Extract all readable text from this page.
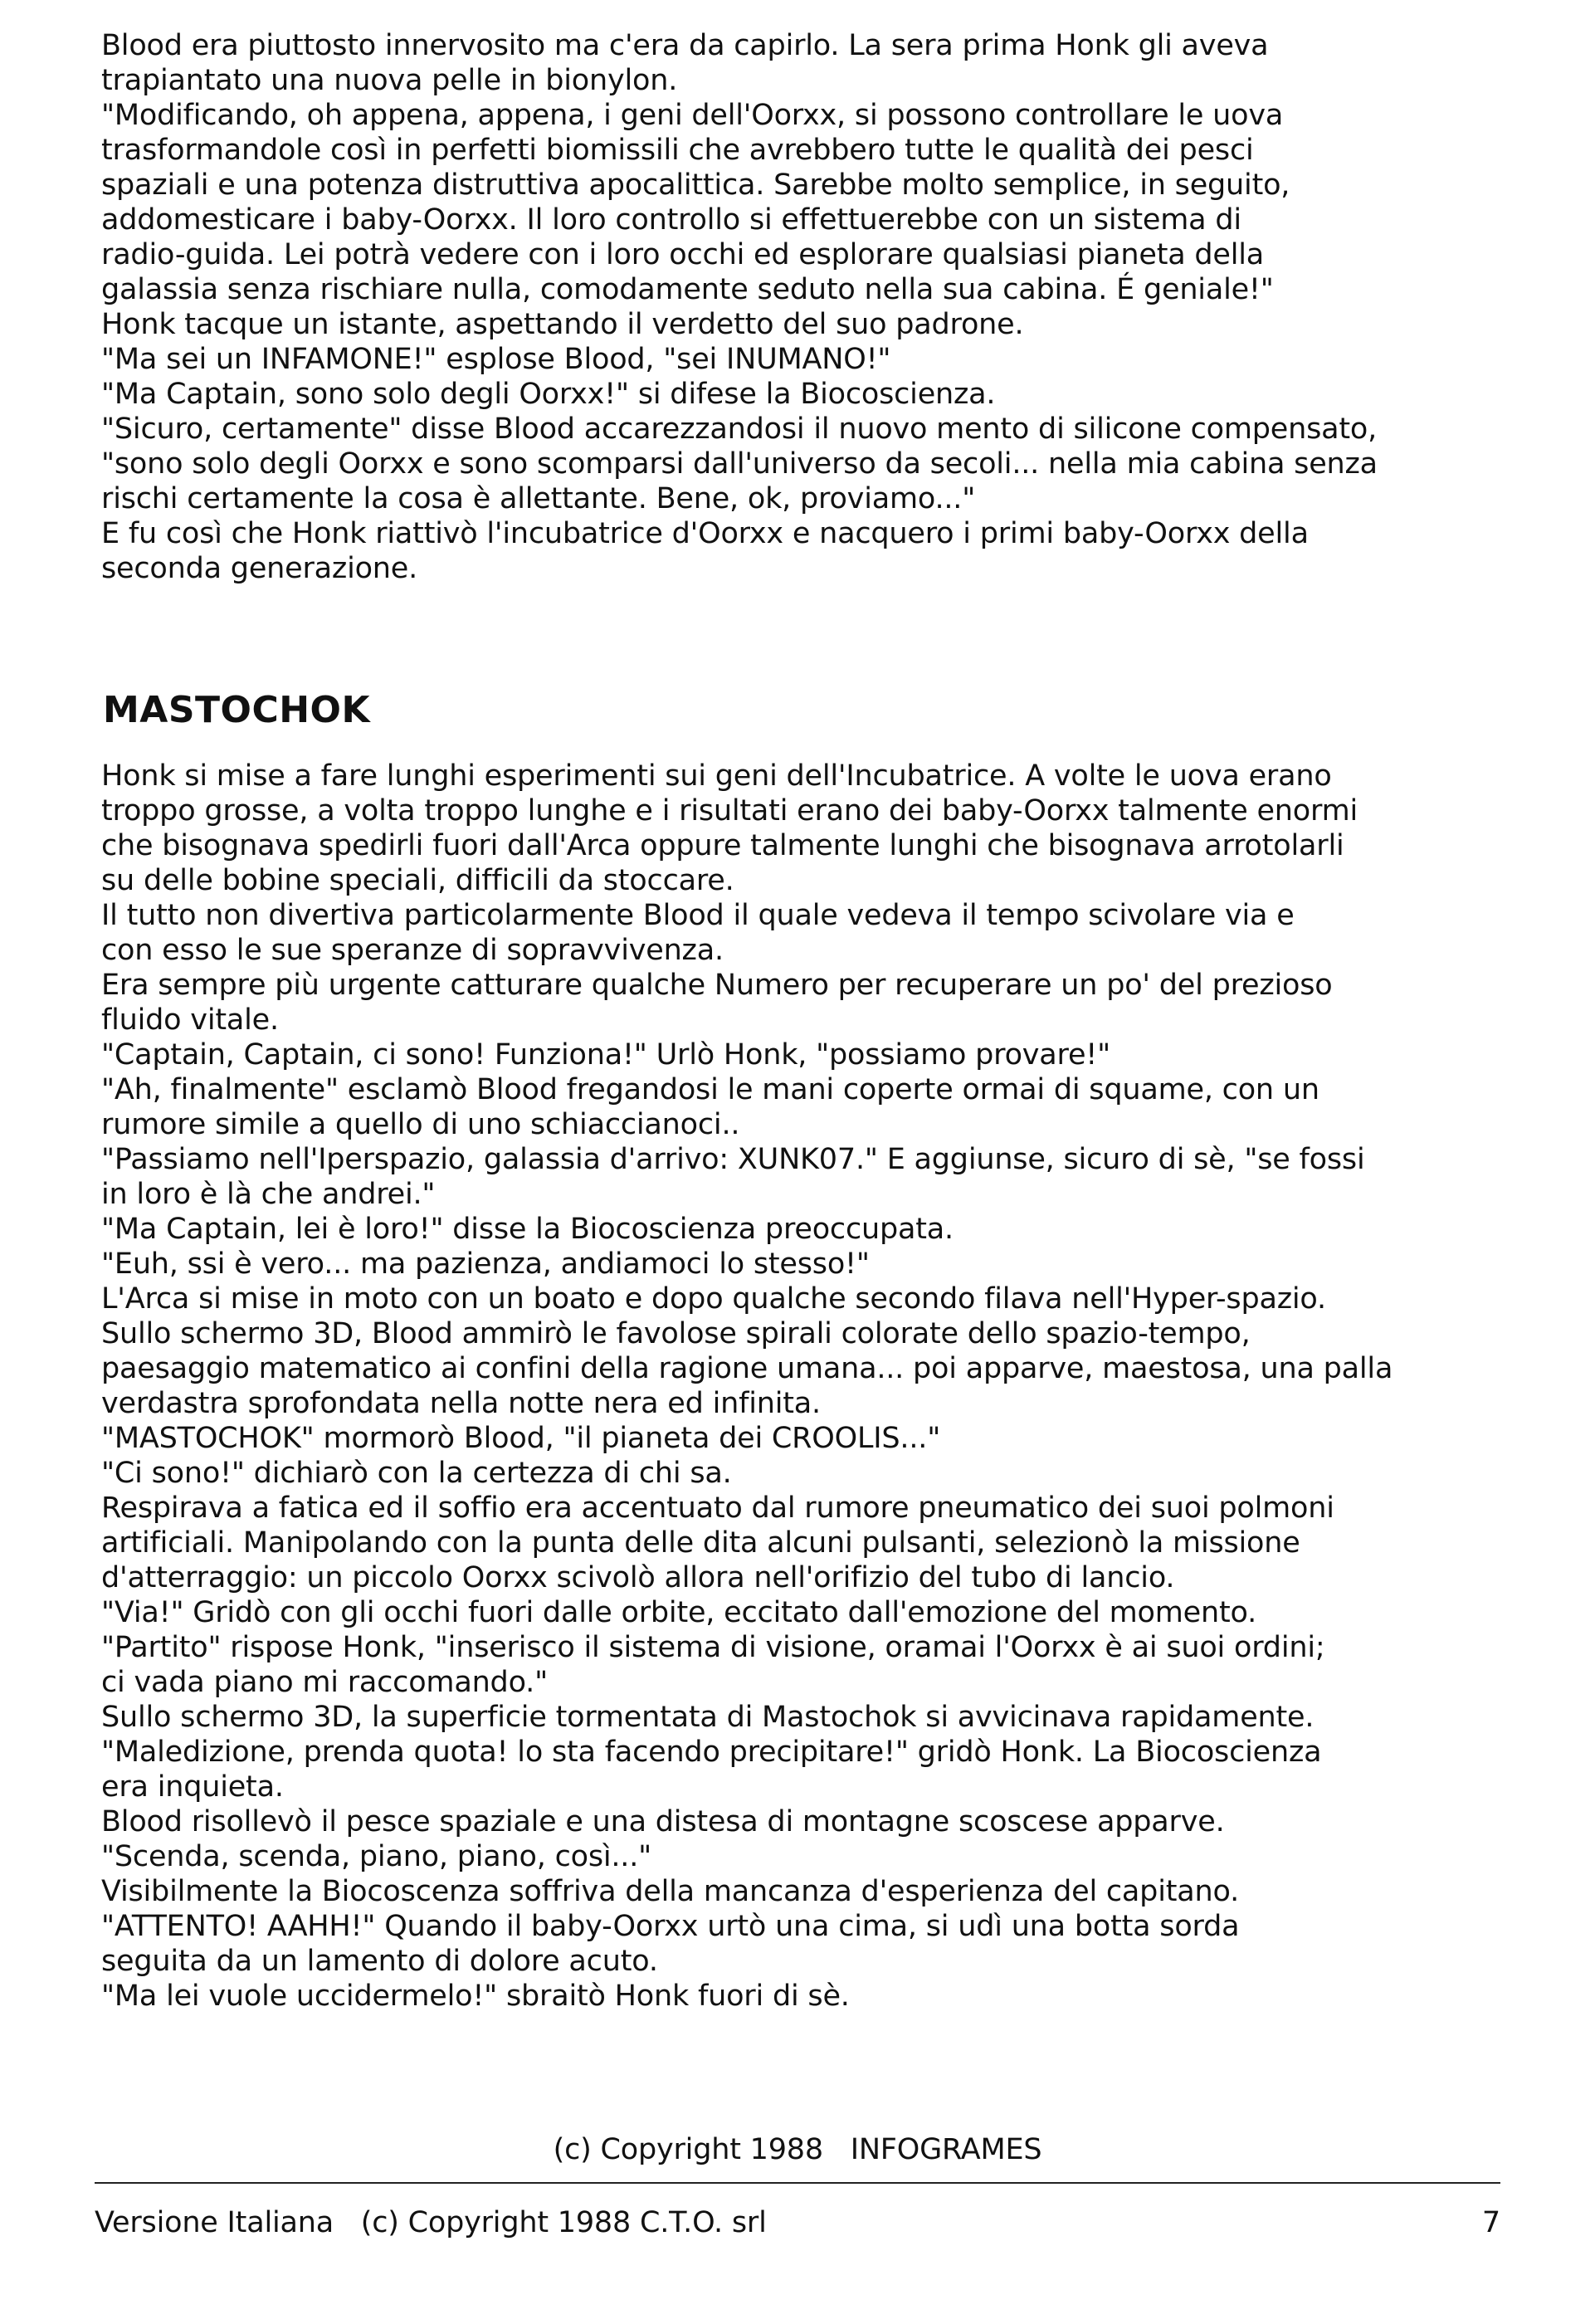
Blood era piuttosto innervosito ma c'era da capirlo. La sera prima Honk gli aveva
trapiantato una nuova pelle in bionylon.
"Modificando, oh appena, appena, i geni dell'Oorxx, si possono controllare le uova
trasformandole così in perfetti biomissili che avrebbero tutte le qualità dei pesci
spaziali e una potenza distruttiva apocalittica. Sarebbe molto semplice, in seguito,
addomesticare i baby-Oorxx. Il loro controllo si effettuerebbe con un sistema di
radio-guida. Lei potrà vedere con i loro occhi ed esplorare qualsiasi pianeta della
galassia senza rischiare nulla, comodamente seduto nella sua cabina. É geniale!"
Honk tacque un istante, aspettando il verdetto del suo padrone.
"Ma sei un INFAMONE!" esplose Blood, "sei INUMANO!"
"Ma Captain, sono solo degli Oorxx!" si difese la Biocoscienza.
"Sicuro, certamente" disse Blood accarezzandosi il nuovo mento di silicone compensato,
"sono solo degli Oorxx e sono scomparsi dall'universo da secoli... nella mia cabina senza
rischi certamente la cosa è allettante. Bene, ok, proviamo..."
E fu così che Honk riattivò l'incubatrice d'Oorxx e nacquero i primi baby-Oorxx della
seconda generazione.
MASTOCHOK
Honk si mise a fare lunghi esperimenti sui geni dell'Incubatrice. A volte le uova erano
troppo grosse, a volta troppo lunghe e i risultati erano dei baby-Oorxx talmente enormi
che bisognava spedirli fuori dall'Arca oppure talmente lunghi che bisognava arrotolarli
su delle bobine speciali, difficili da stoccare.
Il tutto non divertiva particolarmente Blood il quale vedeva il tempo scivolare via e
con esso le sue speranze di sopravvivenza.
Era sempre più urgente catturare qualche Numero per recuperare un po' del prezioso
fluido vitale.
"Captain, Captain, ci sono! Funziona!" Urlò Honk, "possiamo provare!"
"Ah, finalmente" esclamò Blood fregandosi le mani coperte ormai di squame, con un
rumore simile a quello di uno schiaccianoci..
"Passiamo nell'Iperspazio, galassia d'arrivo: XUNK07." E aggiunse, sicuro di sè, "se fossi
in loro è là che andrei."
"Ma Captain, lei è loro!" disse la Biocoscienza preoccupata.
"Euh, ssi è vero... ma pazienza, andiamoci lo stesso!"
L'Arca si mise in moto con un boato e dopo qualche secondo filava nell'Hyper-spazio.
Sullo schermo 3D, Blood ammirò le favolose spirali colorate dello spazio-tempo,
paesaggio matematico ai confini della ragione umana... poi apparve, maestosa, una palla
verdastra sprofondata nella notte nera ed infinita.
"MASTOCHOK" mormorò Blood, "il pianeta dei CROOLIS..."
"Ci sono!" dichiarò con la certezza di chi sa.
Respirava a fatica ed il soffio era accentuato dal rumore pneumatico dei suoi polmoni
artificiali. Manipolando con la punta delle dita alcuni pulsanti, selezionò la missione
d'atterraggio: un piccolo Oorxx scivolò allora nell'orifizio del tubo di lancio.
"Via!" Gridò con gli occhi fuori dalle orbite, eccitato dall'emozione del momento.
"Partito" rispose Honk, "inserisco il sistema di visione, oramai l'Oorxx è ai suoi ordini;
ci vada piano mi raccomando."
Sullo schermo 3D, la superficie tormentata di Mastochok si avvicinava rapidamente.
"Maledizione, prenda quota! lo sta facendo precipitare!" gridò Honk. La Biocoscienza
era inquieta.
Blood risollevò il pesce spaziale e una distesa di montagne scoscese apparve.
"Scenda, scenda, piano, piano, così..."
Visibilmente la Biocoscenza soffriva della mancanza d'esperienza del capitano.
"ATTENTO! AAHH!" Quando il baby-Oorxx urtò una cima, si udì una botta sorda
seguita da un lamento di dolore acuto.
"Ma lei vuole uccidermelo!" sbraitò Honk fuori di sè.
(c) Copyright 1988   INFOGRAMES
Versione Italiana   (c) Copyright 1988 C.T.O. srl	7
